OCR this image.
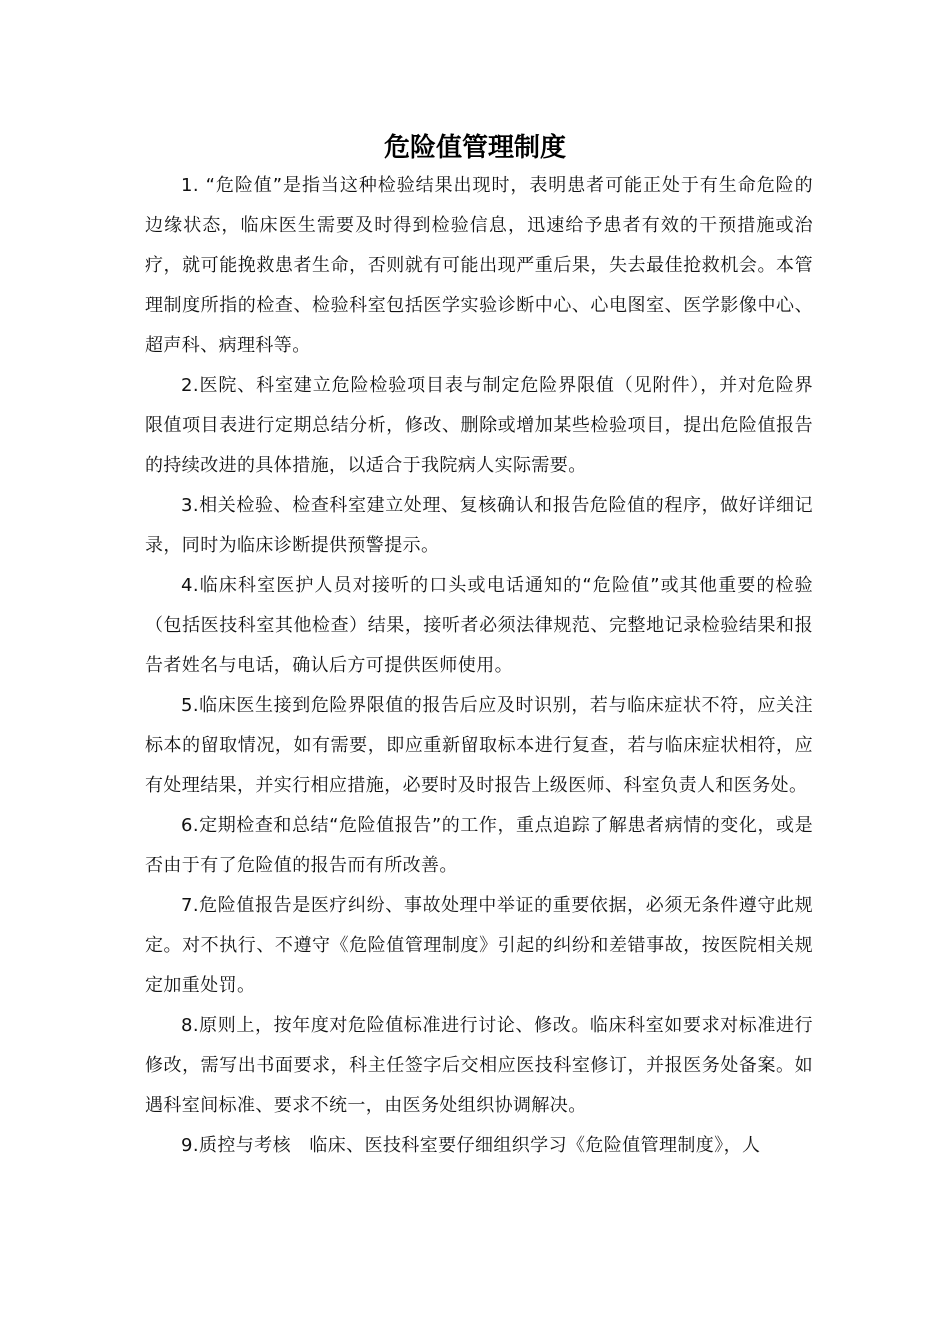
危险值管理制度

1. “危险值”是指当这种检验结果出现时，表明患者可能正处于有生命危险的边缘状态，临床医生需要及时得到检验信息，迅速给予患者有效的干预措施或治疗，就可能挽救患者生命，否则就有可能出现严重后果，失去最佳抢救机会。本管理制度所指的检查、检验科室包括医学实验诊断中心、心电图室、医学影像中心、超声科、病理科等。

2.医院、科室建立危险检验项目表与制定危险界限值（见附件），并对危险界限值项目表进行定期总结分析，修改、删除或增加某些检验项目，提出危险值报告的持续改进的具体措施，以适合于我院病人实际需要。

3.相关检验、检查科室建立处理、复核确认和报告危险值的程序，做好详细记录，同时为临床诊断提供预警提示。

4.临床科室医护人员对接听的口头或电话通知的“危险值”或其他重要的检验（包括医技科室其他检查）结果，接听者必须法律规范、完整地记录检验结果和报告者姓名与电话，确认后方可提供医师使用。

5.临床医生接到危险界限值的报告后应及时识别，若与临床症状不符，应关注标本的留取情况，如有需要，即应重新留取标本进行复查，若与临床症状相符，应有处理结果，并实行相应措施，必要时及时报告上级医师、科室负责人和医务处。

6.定期检查和总结“危险值报告”的工作，重点追踪了解患者病情的变化，或是否由于有了危险值的报告而有所改善。

7.危险值报告是医疗纠纷、事故处理中举证的重要依据，必须无条件遵守此规定。对不执行、不遵守《危险值管理制度》引起的纠纷和差错事故，按医院相关规定加重处罚。

8.原则上，按年度对危险值标准进行讨论、修改。临床科室如要求对标准进行修改，需写出书面要求，科主任签字后交相应医技科室修订，并报医务处备案。如遇科室间标准、要求不统一，由医务处组织协调解决。

9.质控与考核　临床、医技科室要仔细组织学习《危险值管理制度》，人
